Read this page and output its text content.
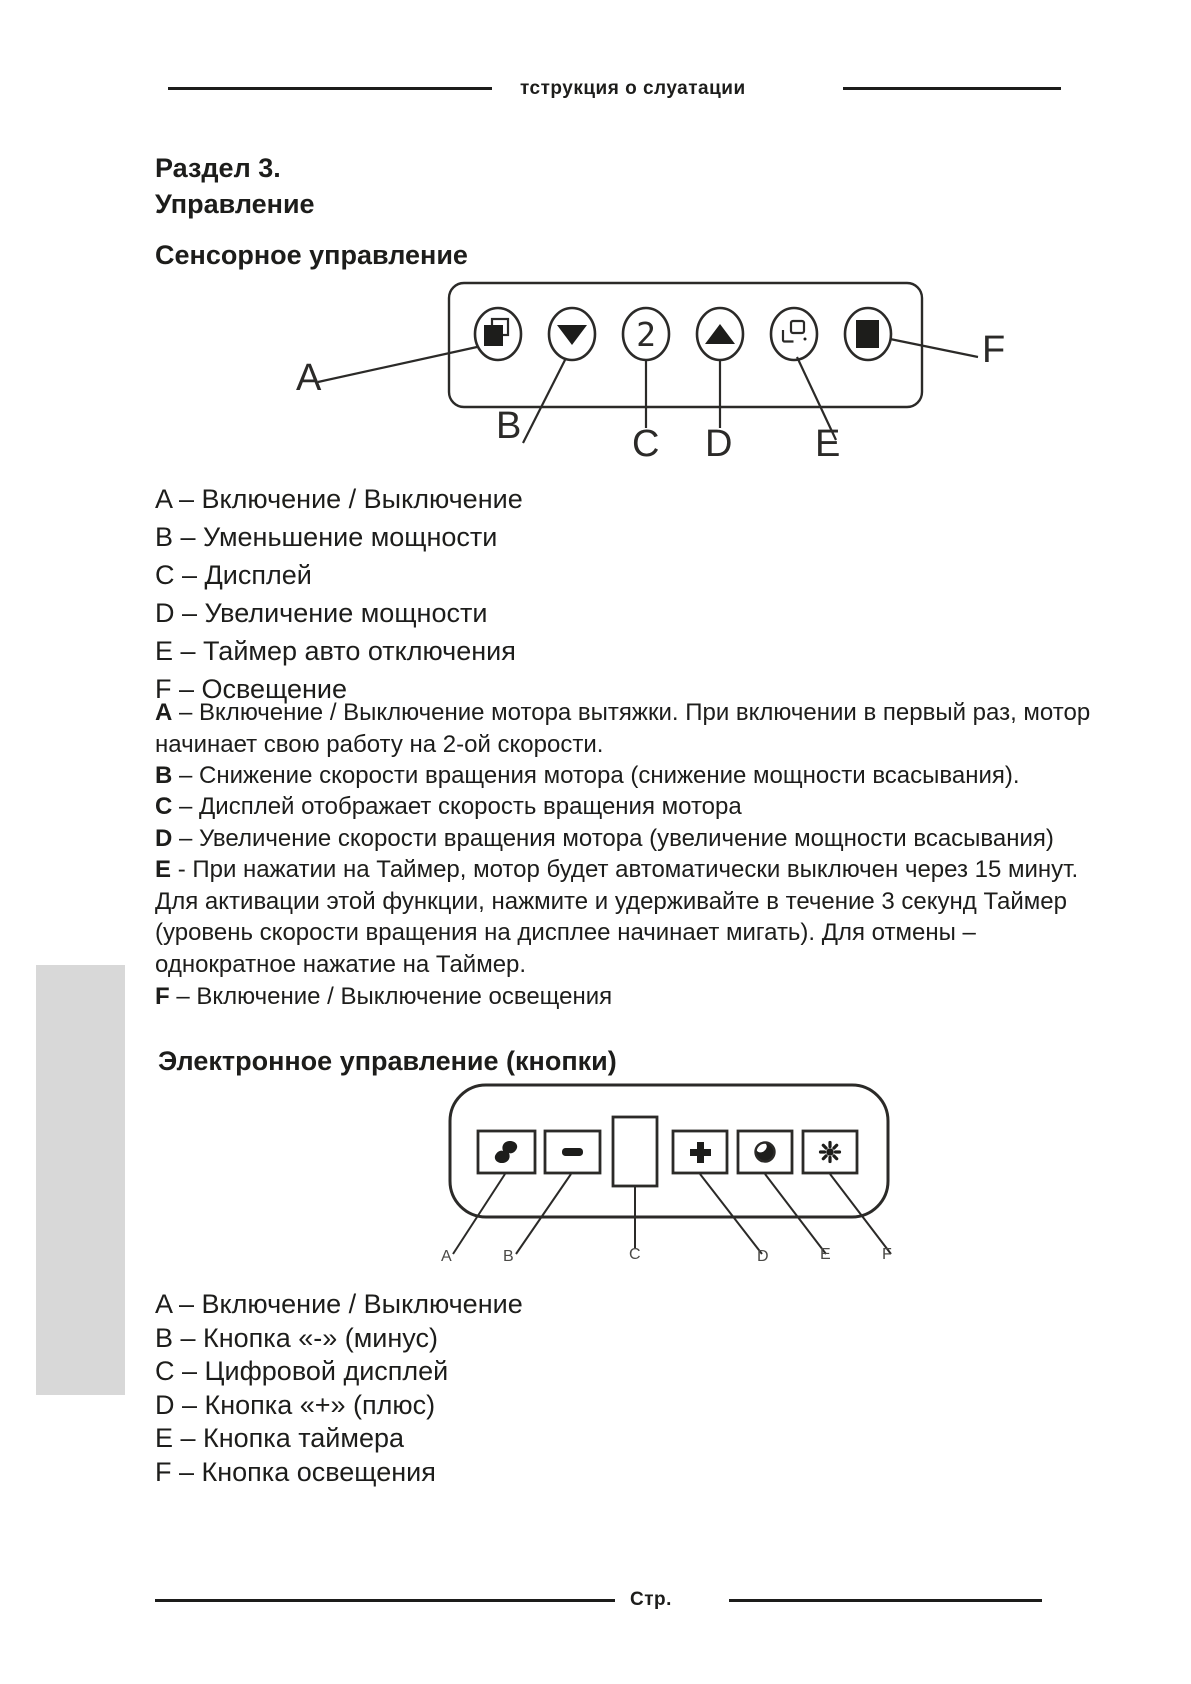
тструкция о слуатации
Раздел 3.
Управление
Сенсорное управление
2
A
B	C D E
F
A – Включение / Выключение
B – Уменьшение мощности
C – Дисплей
D – Увеличение мощности
E – Таймер авто отключения
F – Освещение

A – Включение / Выключение мотора вытяжки. При включении в первый раз, мотор начинает свою работу на 2-ой скорости.

B – Снижение скорости вращения мотора (снижение мощности всасывания).

C – Дисплей отображает скорость вращения мотора

D – Увеличение скорости вращения мотора (увеличение мощности всасывания)

E - При нажатии на Таймер, мотор будет автоматически выключен через 15 минут. Для активации этой функции, нажмите и удерживайте в течение 3 секунд Таймер (уровень скорости вращения на дисплее начинает мигать). Для отмены – однократное нажатие на Таймер.

F – Включение / Выключение освещения

Электронное управление (кнопки)
A	B	C	D	E	F
A – Включение / Выключение
B – Кнопка «-» (минус)
C – Цифровой дисплей
D – Кнопка «+» (плюс)
E – Кнопка таймера
F – Кнопка освещения
Стр.
